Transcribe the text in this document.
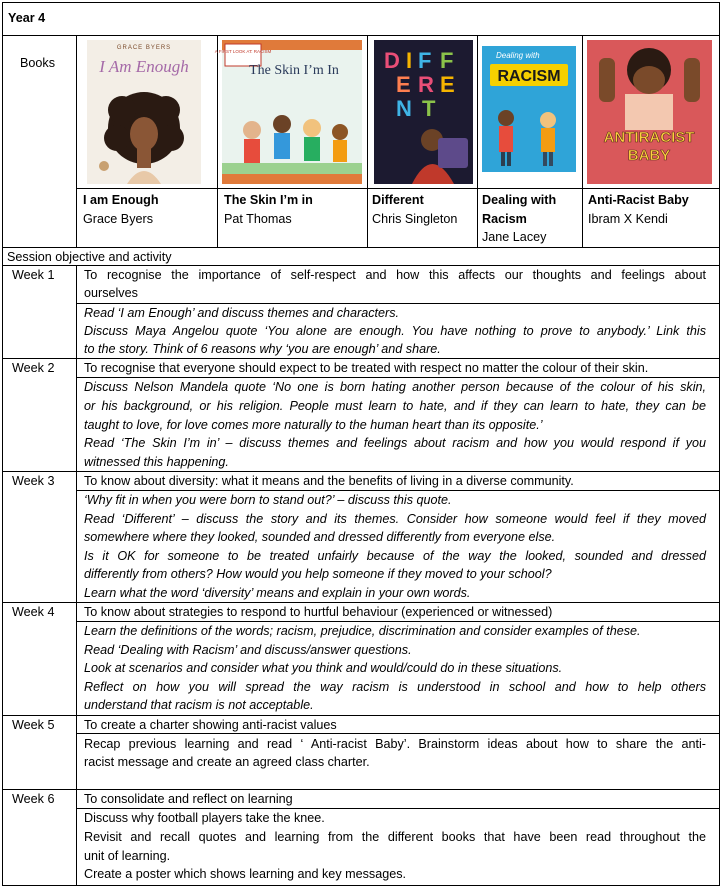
Year 4
Books
GRACE BYERS
I Am Enough
A FIRST LOOK AT: RACISM
The Skin I’m In D I F F
E R E
N T
Dealing with
RACISM
ANTIRACIST
BABY
I am Enough
Grace Byers
The Skin I’m in
Pat Thomas
Different
Chris Singleton
Dealing with
Racism
Jane Lacey
Anti-Racist Baby
Ibram X Kendi
Session objective and activity
Week 1
Week 2
Week 3
Week 4
Week 5
Week 6
To recognise the importance of self-respect and how this affects our thoughts and feelings about
ourselves
Read ‘I am Enough’ and discuss themes and characters.
Discuss Maya Angelou quote ‘You alone are enough. You have nothing to prove to anybody.’ Link this
to the story. Think of 6 reasons why ‘you are enough’ and share.
To recognise that everyone should expect to be treated with respect no matter the colour of their skin.
Discuss Nelson Mandela quote ‘No one is born hating another person because of the colour of his skin,
or his background, or his religion. People must learn to hate, and if they can learn to hate, they can be
taught to love, for love comes more naturally to the human heart than its opposite.’
Read ‘The Skin I’m in’ – discuss themes and feelings about racism and how you would respond if you
witnessed this happening.
To know about diversity: what it means and the benefits of living in a diverse community.
‘Why fit in when you were born to stand out?’ – discuss this quote.
Read ‘Different’ – discuss the story and its themes. Consider how someone would feel if they moved
somewhere where they looked, sounded and dressed differently from everyone else.
Is it OK for someone to be treated unfairly because of the way the looked, sounded and dressed
differently from others? How would you help someone if they moved to your school?
Learn what the word ‘diversity’ means and explain in your own words.
To know about strategies to respond to hurtful behaviour (experienced or witnessed)
Learn the definitions of the words; racism, prejudice, discrimination and consider examples of these.
Read ‘Dealing with Racism’ and discuss/answer questions.
Look at scenarios and consider what you think and would/could do in these situations.
Reflect on how you will spread the way racism is understood in school and how to help others
understand that racism is not acceptable.
To create a charter showing anti-racist values
Recap previous learning and read ‘ Anti-racist Baby’. Brainstorm ideas about how to share the anti-
racist message and create an agreed class charter.
To consolidate and reflect on learning
Discuss why football players take the knee.
Revisit and recall quotes and learning from the different books that have been read throughout the
unit of learning.
Create a poster which shows learning and key messages.
